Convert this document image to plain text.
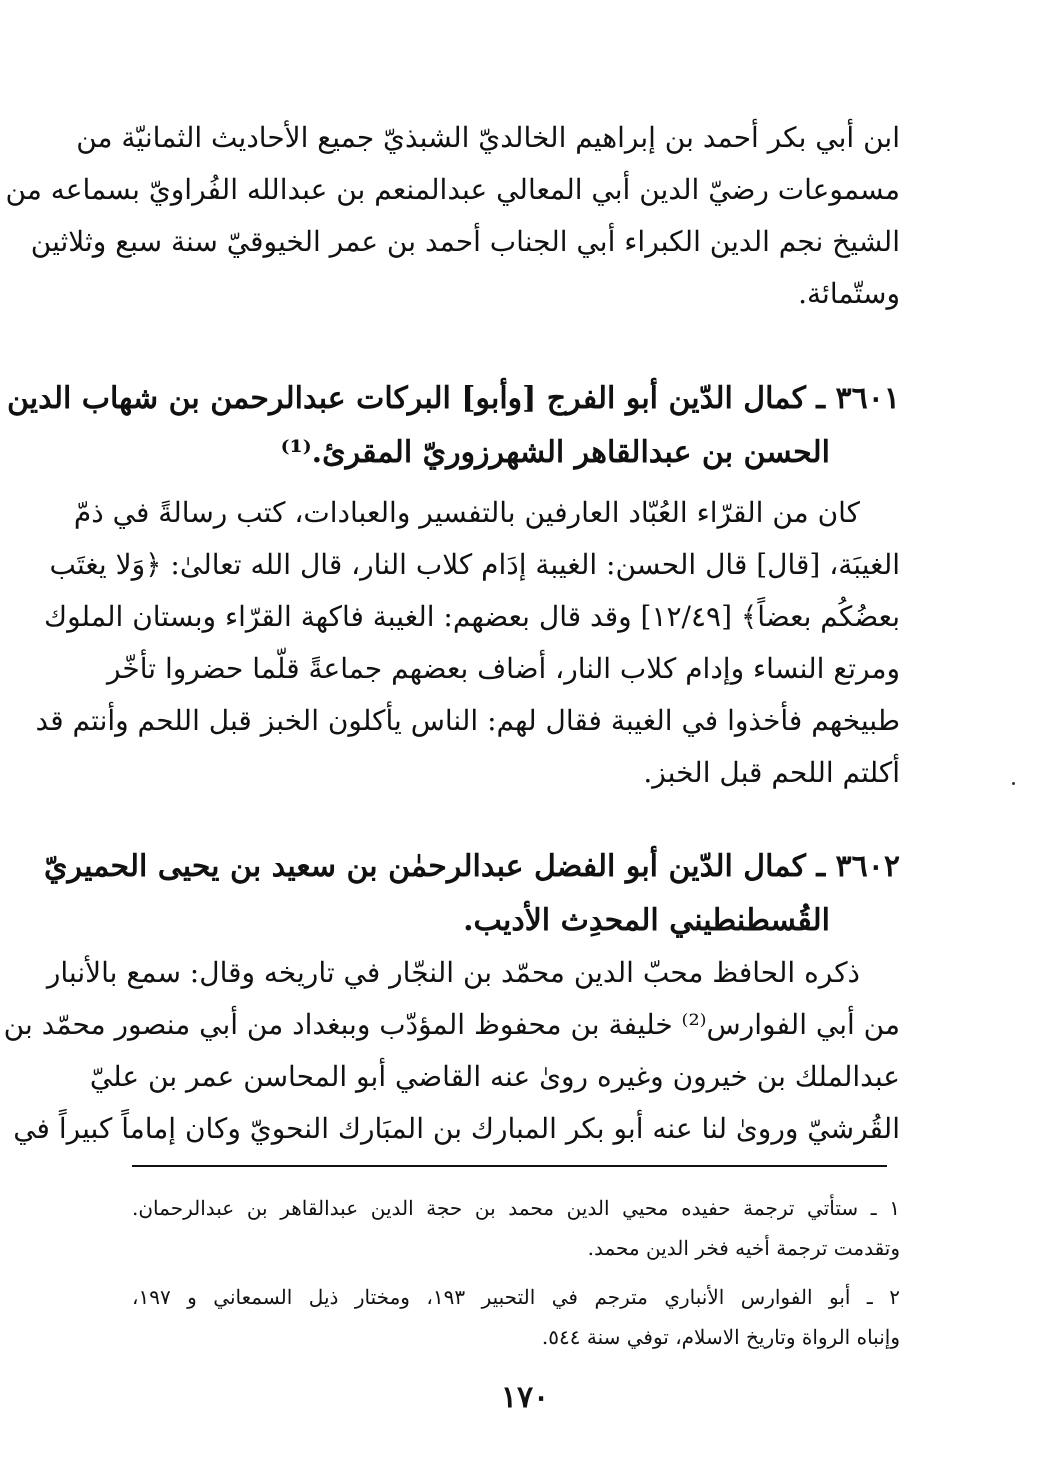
ابن أبي بكر أحمد بن إبراهيم الخالديّ الشبذيّ جميع الأحاديث الثمانيّة من
مسموعات رضيّ الدين أبي المعالي عبدالمنعم بن عبدالله الفُراويّ بسماعه من
الشيخ نجم الدين الكبراء أبي الجناب أحمد بن عمر الخيوقيّ سنة سبع وثلاثين
وستّمائة.
٣٦٠١ ـ كمال الدّين أبو الفرج [وأبو] البركات عبدالرحمن بن شهاب الدين
الحسن بن عبدالقاهر الشهرزوريّ المقرئ.⁽¹⁾
كان من القرّاء العُبّاد العارفين بالتفسير والعبادات، كتب رسالةً في ذمّ
الغيبَة، [قال] قال الحسن: الغيبة إدَام كلاب النار، قال الله تعالىٰ: ﴿وَلا يغتَب
بعضُكُم بعضاً﴾ [١٢/٤٩] وقد قال بعضهم: الغيبة فاكهة القرّاء وبستان الملوك
ومرتع النساء وإدام كلاب النار، أضاف بعضهم جماعةً قلّما حضروا تأخّر
طبيخهم فأخذوا في الغيبة فقال لهم: الناس يأكلون الخبز قبل اللحم وأنتم قد
أكلتم اللحم قبل الخبز.
٣٦٠٢ ـ كمال الدّين أبو الفضل عبدالرحمٰن بن سعيد بن يحيى الحميريّ
القُسطنطيني المحدِث الأديب.
ذكره الحافظ محبّ الدين محمّد بن النجّار في تاريخه وقال: سمع بالأنبار
من أبي الفوارس⁽²⁾ خليفة بن محفوظ المؤدّب وببغداد من أبي منصور محمّد بن
عبدالملك بن خيرون وغيره روىٰ عنه القاضي أبو المحاسن عمر بن عليّ
القُرشيّ وروىٰ لنا عنه أبو بكر المبارك بن المبَارك النحويّ وكان إماماً كبيراً في
١ ـ ستأتي ترجمة حفيده محيي الدين محمد بن حجة الدين عبدالقاهر بن عبدالرحمان.
وتقدمت ترجمة أخيه فخر الدين محمد.
٢ ـ أبو الفوارس الأنباري مترجم في التحبير ١٩٣، ومختار ذيل السمعاني و ١٩٧،
وإنباه الرواة وتاريخ الاسلام، توفي سنة ٥٤٤.
١٧٠
